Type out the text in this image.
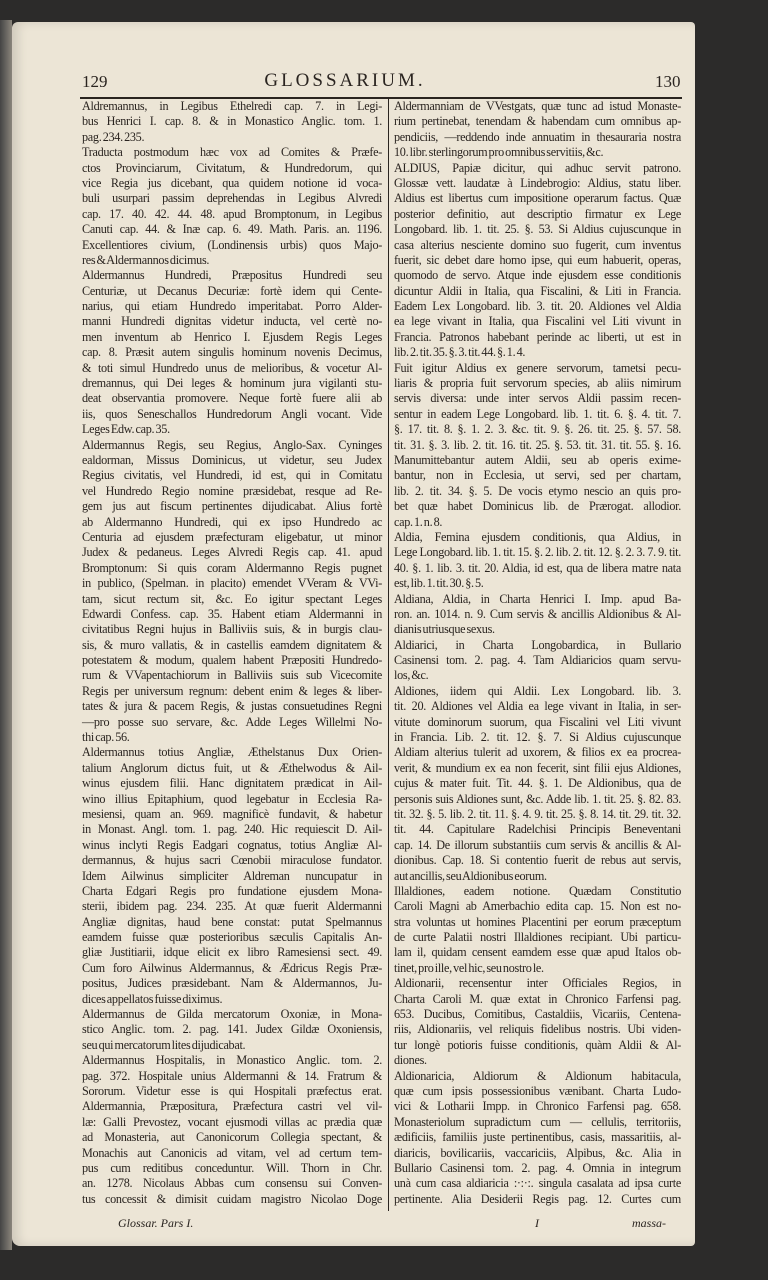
129	GLOSSARIUM.	130
Aldremannus, in Legibus Ethelredi cap. 7. in Legi-
bus Henrici I. cap. 8. & in Monastico Anglic. tom. 1.
pag. 234. 235.
Traducta postmodum hæc vox ad Comites & Præfe-
ctos Provinciarum, Civitatum, & Hundredorum, qui
vice Regia jus dicebant, qua quidem notione id voca-
buli usurpari passim deprehendas in Legibus Alvredi
cap. 17. 40. 42. 44. 48. apud Bromptonum, in Legibus
Canuti cap. 44. & Inæ cap. 6. 49. Math. Paris. an. 1196.
Excellentiores civium, (Londinensis urbis) quos Majo-
res & Aldermannos dicimus.
Aldermannus Hundredi, Præpositus Hundredi seu
Centuriæ, ut Decanus Decuriæ: fortè idem qui Cente-
narius, qui etiam Hundredo imperitabat. Porro Alder-
manni Hundredi dignitas videtur inducta, vel certè no-
men inventum ab Henrico I. Ejusdem Regis Leges
cap. 8. Præsit autem singulis hominum novenis Decimus,
& toti simul Hundredo unus de melioribus, & vocetur Al-
dremannus, qui Dei leges & hominum jura vigilanti stu-
deat observantia promovere. Neque fortè fuere alii ab
iis, quos Seneschallos Hundredorum Angli vocant. Vide
Leges Edw. cap. 35.
Aldermannus Regis, seu Regius, Anglo-Sax. Cyninges
ealdorman, Missus Dominicus, ut videtur, seu Judex
Regius civitatis, vel Hundredi, id est, qui in Comitatu
vel Hundredo Regio nomine præsidebat, resque ad Re-
gem jus aut fiscum pertinentes dijudicabat. Alius fortè
ab Aldermanno Hundredi, qui ex ipso Hundredo ac
Centuria ad ejusdem præfecturam eligebatur, ut minor
Judex & pedaneus. Leges Alvredi Regis cap. 41. apud
Bromptonum: Si quis coram Aldermanno Regis pugnet
in publico, (Spelman. in placito) emendet VVeram & VVi-
tam, sicut rectum sit, &c. Eo igitur spectant Leges
Edwardi Confess. cap. 35. Habent etiam Aldermanni in
civitatibus Regni hujus in Balliviis suis, & in burgis clau-
sis, & muro vallatis, & in castellis eamdem dignitatem &
potestatem & modum, qualem habent Præpositi Hundredo-
rum & VVapentachiorum in Balliviis suis sub Vicecomite
Regis per universum regnum: debent enim & leges & liber-
tates & jura & pacem Regis, & justas consuetudines Regni
—pro posse suo servare, &c. Adde Leges Willelmi No-
thi cap. 56.
Aldermannus totius Angliæ, Æthelstanus Dux Orien-
talium Anglorum dictus fuit, ut & Æthelwodus & Ail-
winus ejusdem filii. Hanc dignitatem prædicat in Ail-
wino illius Epitaphium, quod legebatur in Ecclesia Ra-
mesiensi, quam an. 969. magnificè fundavit, & habetur
in Monast. Angl. tom. 1. pag. 240. Hic requiescit D. Ail-
winus inclyti Regis Eadgari cognatus, totius Angliæ Al-
dermannus, & hujus sacri Cœnobii miraculose fundator.
Idem Ailwinus simpliciter Aldreman nuncupatur in
Charta Edgari Regis pro fundatione ejusdem Mona-
sterii, ibidem pag. 234. 235. At quæ fuerit Aldermanni
Angliæ dignitas, haud bene constat: putat Spelmannus
eamdem fuisse quæ posterioribus sæculis Capitalis An-
gliæ Justitiarii, idque elicit ex libro Ramesiensi sect. 49.
Cum foro Ailwinus Aldermannus, & Ædricus Regis Præ-
positus, Judices præsidebant. Nam & Aldermannos, Ju-
dices appellatos fuisse diximus.
Aldermannus de Gilda mercatorum Oxoniæ, in Mona-
stico Anglic. tom. 2. pag. 141. Judex Gildæ Oxoniensis,
seu qui mercatorum lites dijudicabat.
Aldermannus Hospitalis, in Monastico Anglic. tom. 2.
pag. 372. Hospitale unius Aldermanni & 14. Fratrum &
Sororum. Videtur esse is qui Hospitali præfectus erat.
Aldermannia, Præpositura, Præfectura castri vel vil-
læ: Galli Prevostez, vocant ejusmodi villas ac prædia quæ
ad Monasteria, aut Canonicorum Collegia spectant, &
Monachis aut Canonicis ad vitam, vel ad certum tem-
pus cum reditibus conceduntur. Will. Thorn in Chr.
an. 1278. Nicolaus Abbas cum consensu sui Conven-
tus concessit & dimisit cuidam magistro Nicolao Doge
Aldermanniam de VVestgats, quæ tunc ad istud Monaste-
rium pertinebat, tenendam & habendam cum omnibus ap-
pendiciis, —reddendo inde annuatim in thesauraria nostra
10. libr. sterlingorum pro omnibus servitiis, &c.
ALDIUS, Papiæ dicitur, qui adhuc servit patrono.
Glossæ vett. laudatæ à Lindebrogio: Aldius, statu liber.
Aldius est libertus cum impositione operarum factus. Quæ
posterior definitio, aut descriptio firmatur ex Lege
Longobard. lib. 1. tit. 25. §. 53. Si Aldius cujuscunque in
casa alterius nesciente domino suo fugerit, cum inventus
fuerit, sic debet dare homo ipse, qui eum habuerit, operas,
quomodo de servo. Atque inde ejusdem esse conditionis
dicuntur Aldii in Italia, qua Fiscalini, & Liti in Francia.
Eadem Lex Longobard. lib. 3. tit. 20. Aldiones vel Aldia
ea lege vivant in Italia, qua Fiscalini vel Liti vivunt in
Francia. Patronos habebant perinde ac liberti, ut est in
lib. 2. tit. 35. §. 3. tit. 44. §. 1. 4.
Fuit igitur Aldius ex genere servorum, tametsi pecu-
liaris & propria fuit servorum species, ab aliis nimirum
servis diversa: unde inter servos Aldii passim recen-
sentur in eadem Lege Longobard. lib. 1. tit. 6. §. 4. tit. 7.
§. 17. tit. 8. §. 1. 2. 3. &c. tit. 9. §. 26. tit. 25. §. 57. 58.
tit. 31. §. 3. lib. 2. tit. 16. tit. 25. §. 53. tit. 31. tit. 55. §. 16.
Manumittebantur autem Aldii, seu ab operis exime-
bantur, non in Ecclesia, ut servi, sed per chartam,
lib. 2. tit. 34. §. 5. De vocis etymo nescio an quis pro-
bet quæ habet Dominicus lib. de Prærogat. allodior.
cap. 1. n. 8.
Aldia, Femina ejusdem conditionis, qua Aldius, in
Lege Longobard. lib. 1. tit. 15. §. 2. lib. 2. tit. 12. §. 2. 3. 7. 9. tit.
40. §. 1. lib. 3. tit. 20. Aldia, id est, qua de libera matre nata
est, lib. 1. tit. 30. §. 5.
Aldiana, Aldia, in Charta Henrici I. Imp. apud Ba-
ron. an. 1014. n. 9. Cum servis & ancillis Aldionibus & Al-
dianis utriusque sexus.
Aldiarici, in Charta Longobardica, in Bullario
Casinensi tom. 2. pag. 4. Tam Aldiaricios quam servu-
los, &c.
Aldiones, iidem qui Aldii. Lex Longobard. lib. 3.
tit. 20. Aldiones vel Aldia ea lege vivant in Italia, in ser-
vitute dominorum suorum, qua Fiscalini vel Liti vivunt
in Francia. Lib. 2. tit. 12. §. 7. Si Aldius cujuscunque
Aldiam alterius tulerit ad uxorem, & filios ex ea procrea-
verit, & mundium ex ea non fecerit, sint filii ejus Aldiones,
cujus & mater fuit. Tit. 44. §. 1. De Aldionibus, qua de
personis suis Aldiones sunt, &c. Adde lib. 1. tit. 25. §. 82. 83.
tit. 32. §. 5. lib. 2. tit. 11. §. 4. 9. tit. 25. §. 8. 14. tit. 29. tit. 32.
tit. 44. Capitulare Radelchisi Principis Beneventani
cap. 14. De illorum substantiis cum servis & ancillis & Al-
dionibus. Cap. 18. Si contentio fuerit de rebus aut servis,
aut ancillis, seu Aldionibus eorum.
Illaldiones, eadem notione. Quædam Constitutio
Caroli Magni ab Amerbachio edita cap. 15. Non est no-
stra voluntas ut homines Placentini per eorum præceptum
de curte Palatii nostri Illaldiones recipiant. Ubi particu-
lam il, quidam censent eamdem esse quæ apud Italos ob-
tinet, pro ille, vel hic, seu nostro le.
Aldionarii, recensentur inter Officiales Regios, in
Charta Caroli M. quæ extat in Chronico Farfensi pag.
653. Ducibus, Comitibus, Castaldiis, Vicariis, Centena-
riis, Aldionariis, vel reliquis fidelibus nostris. Ubi viden-
tur longè potioris fuisse conditionis, quàm Aldii & Al-
diones.
Aldionaricia, Aldiorum & Aldionum habitacula,
quæ cum ipsis possessionibus vænibant. Charta Ludo-
vici & Lotharii Impp. in Chronico Farfensi pag. 658.
Monasteriolum supradictum cum — cellulis, territoriis,
ædificiis, familiis juste pertinentibus, casis, massaritiis, al-
diaricis, bovilicariis, vaccariciis, Alpibus, &c. Alia in
Bullario Casinensi tom. 2. pag. 4. Omnia in integrum
unà cum casa aldiaricia :·:·:. singula casalata ad ipsa curte
pertinente. Alia Desiderii Regis pag. 12. Curtes cum
Glossar. Pars I.	I	massa-
